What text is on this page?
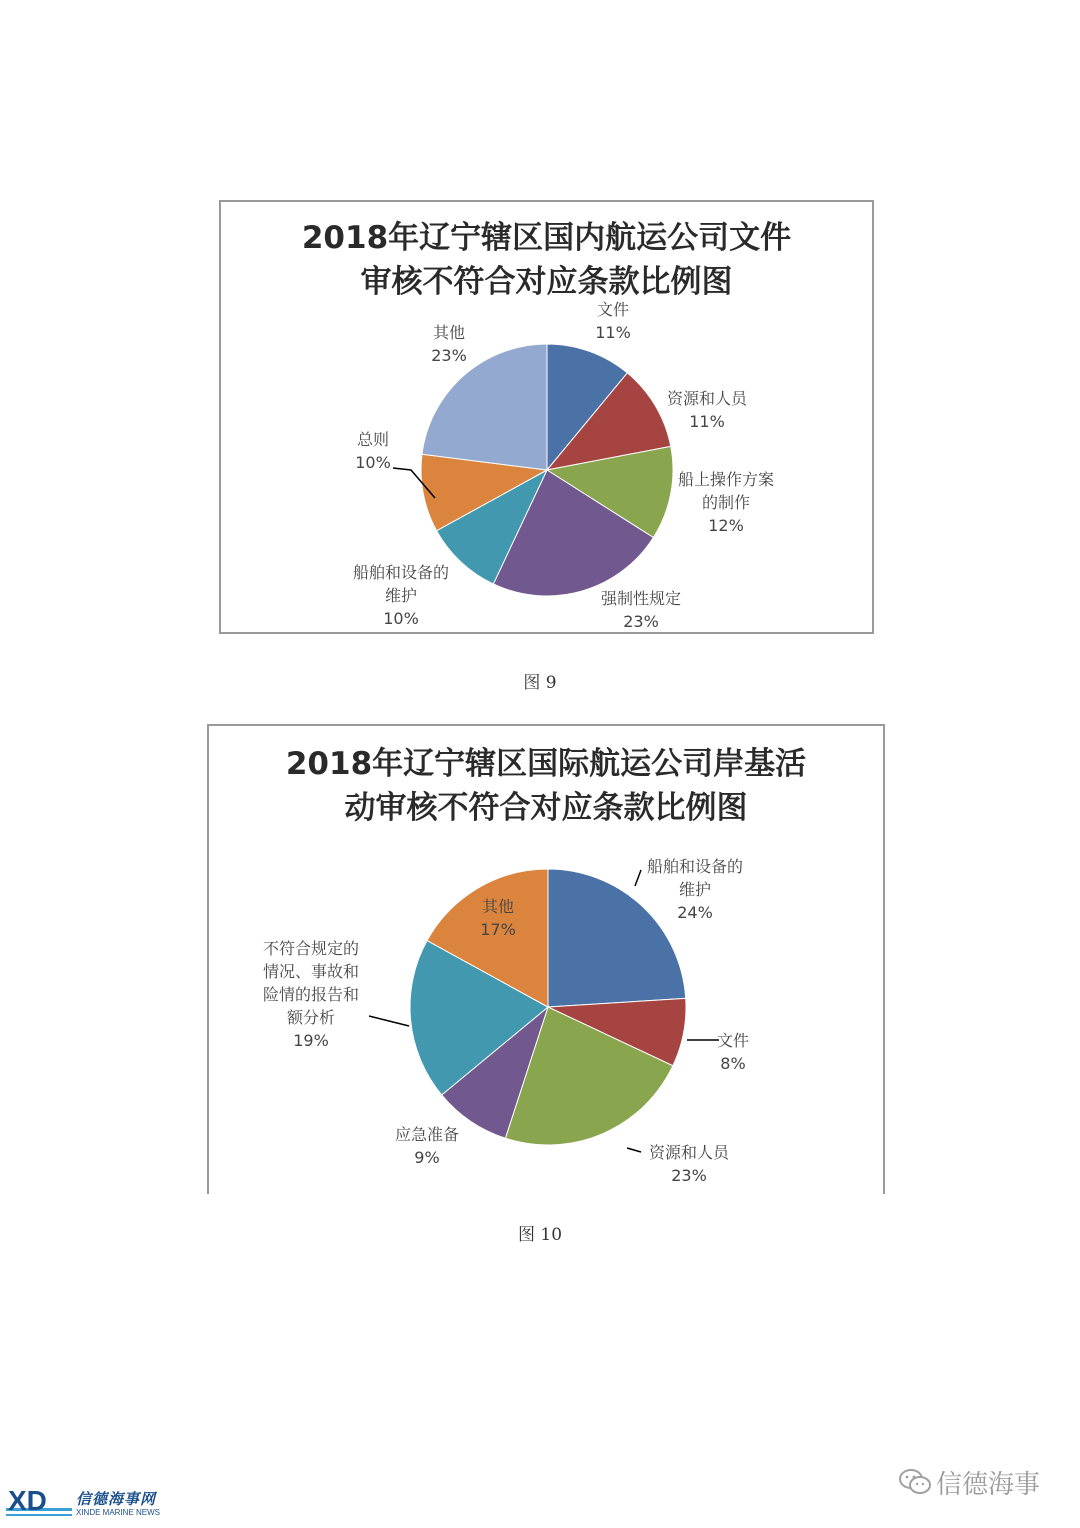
2018年辽宁辖区国内航运公司文件
审核不符合对应条款比例图
文件
11%
资源和人员
11%
船上操作方案
的制作
12%
强制性规定
23%
船舶和设备的
维护
10%
总则
10%
其他
23%
图 9
2018年辽宁辖区国际航运公司岸基活
动审核不符合对应条款比例图
船舶和设备的
维护
24%
文件
8%
资源和人员
23%
应急准备
9%
不符合规定的
情况、事故和
险情的报告和
额分析
19%
其他
17%
图 10
XD 信德海事网
XINDE MARINE NEWS
信德海事
